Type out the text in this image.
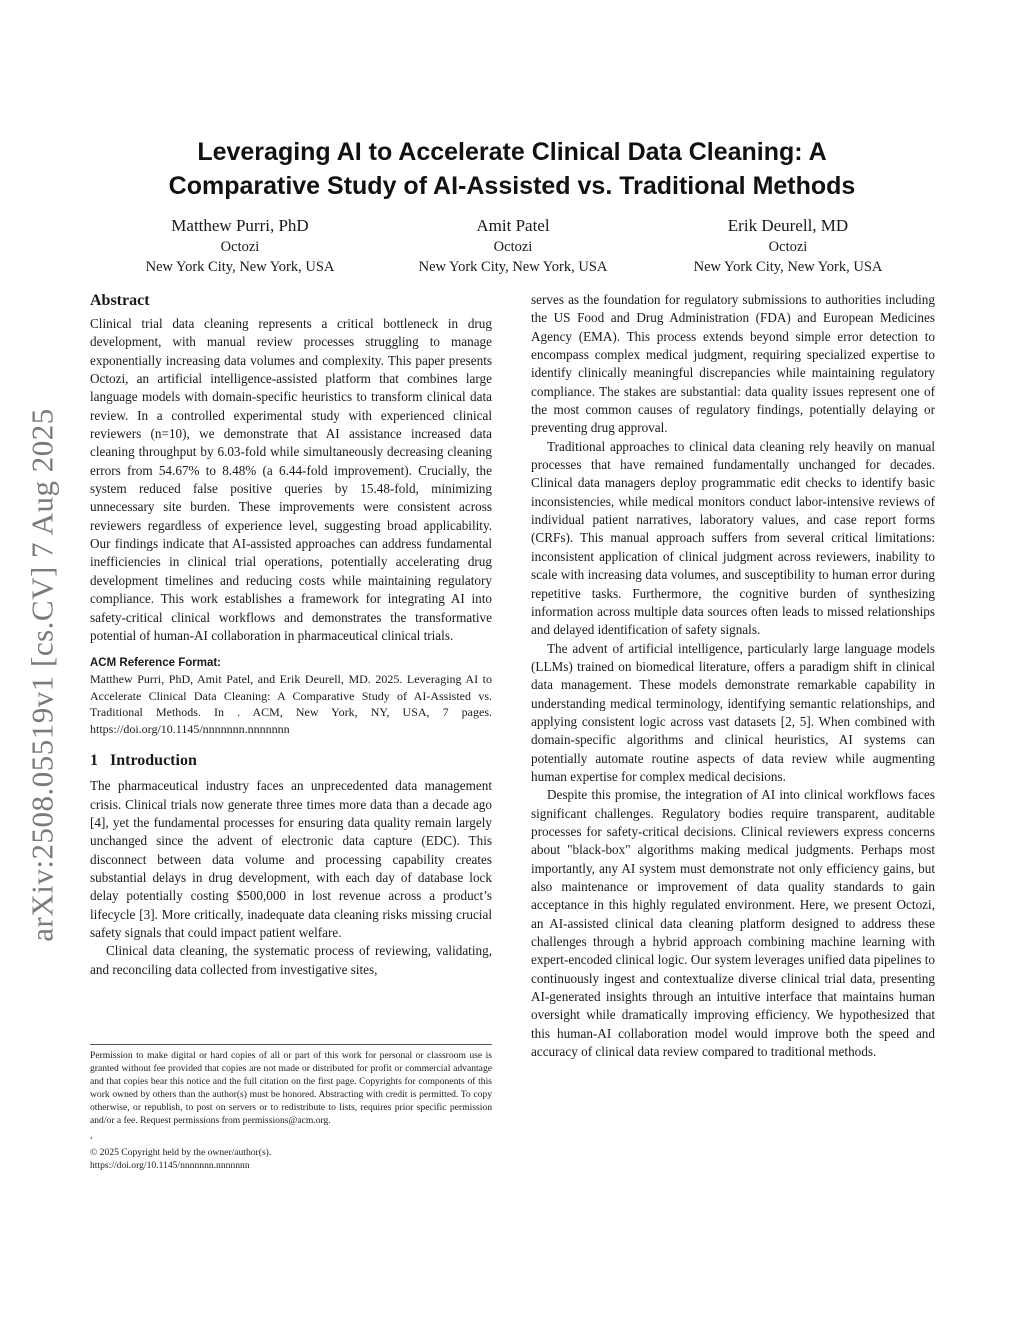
arXiv:2508.05519v1 [cs.CV] 7 Aug 2025
Leveraging AI to Accelerate Clinical Data Cleaning: A
Comparative Study of AI-Assisted vs. Traditional Methods
Matthew Purri, PhD
Octozi
New York City, New York, USA
Amit Patel
Octozi
New York City, New York, USA
Erik Deurell, MD
Octozi
New York City, New York, USA
Abstract

Clinical trial data cleaning represents a critical bottleneck in drug development, with manual review processes struggling to manage exponentially increasing data volumes and complexity. This paper presents Octozi, an artificial intelligence-assisted platform that combines large language models with domain-specific heuristics to transform clinical data review. In a controlled experimental study with experienced clinical reviewers (n=10), we demonstrate that AI assistance increased data cleaning throughput by 6.03-fold while simultaneously decreasing cleaning errors from 54.67% to 8.48% (a 6.44-fold improvement). Crucially, the system reduced false positive queries by 15.48-fold, minimizing unnecessary site burden. These improvements were consistent across reviewers regardless of experience level, suggesting broad applicability. Our findings indicate that AI-assisted approaches can address fundamental inefficiencies in clinical trial operations, potentially accelerating drug development timelines and reducing costs while maintaining regulatory compliance. This work establishes a framework for integrating AI into safety-critical clinical workflows and demonstrates the transformative potential of human-AI collaboration in pharmaceutical clinical trials.

ACM Reference Format:
Matthew Purri, PhD, Amit Patel, and Erik Deurell, MD. 2025. Leveraging AI to Accelerate Clinical Data Cleaning: A Comparative Study of AI-Assisted vs. Traditional Methods. In . ACM, New York, NY, USA, 7 pages. https://doi.org/10.1145/nnnnnnn.nnnnnnn
1 Introduction

The pharmaceutical industry faces an unprecedented data management crisis. Clinical trials now generate three times more data than a decade ago [4], yet the fundamental processes for ensuring data quality remain largely unchanged since the advent of electronic data capture (EDC). This disconnect between data volume and processing capability creates substantial delays in drug development, with each day of database lock delay potentially costing $500,000 in lost revenue across a product’s lifecycle [3]. More critically, inadequate data cleaning risks missing crucial safety signals that could impact patient welfare.

Clinical data cleaning, the systematic process of reviewing, validating, and reconciling data collected from investigative sites,

Permission to make digital or hard copies of all or part of this work for personal or classroom use is granted without fee provided that copies are not made or distributed for profit or commercial advantage and that copies bear this notice and the full citation on the first page. Copyrights for components of this work owned by others than the author(s) must be honored. Abstracting with credit is permitted. To copy otherwise, or republish, to post on servers or to redistribute to lists, requires prior specific permission and/or a fee. Request permissions from permissions@acm.org.
,
© 2025 Copyright held by the owner/author(s).
https://doi.org/10.1145/nnnnnnn.nnnnnnn

serves as the foundation for regulatory submissions to authorities including the US Food and Drug Administration (FDA) and European Medicines Agency (EMA). This process extends beyond simple error detection to encompass complex medical judgment, requiring specialized expertise to identify clinically meaningful discrepancies while maintaining regulatory compliance. The stakes are substantial: data quality issues represent one of the most common causes of regulatory findings, potentially delaying or preventing drug approval.

Traditional approaches to clinical data cleaning rely heavily on manual processes that have remained fundamentally unchanged for decades. Clinical data managers deploy programmatic edit checks to identify basic inconsistencies, while medical monitors conduct labor-intensive reviews of individual patient narratives, laboratory values, and case report forms (CRFs). This manual approach suffers from several critical limitations: inconsistent application of clinical judgment across reviewers, inability to scale with increasing data volumes, and susceptibility to human error during repetitive tasks. Furthermore, the cognitive burden of synthesizing information across multiple data sources often leads to missed relationships and delayed identification of safety signals.

The advent of artificial intelligence, particularly large language models (LLMs) trained on biomedical literature, offers a paradigm shift in clinical data management. These models demonstrate remarkable capability in understanding medical terminology, identifying semantic relationships, and applying consistent logic across vast datasets [2, 5]. When combined with domain-specific algorithms and clinical heuristics, AI systems can potentially automate routine aspects of data review while augmenting human expertise for complex medical decisions.

Despite this promise, the integration of AI into clinical workflows faces significant challenges. Regulatory bodies require transparent, auditable processes for safety-critical decisions. Clinical reviewers express concerns about "black-box" algorithms making medical judgments. Perhaps most importantly, any AI system must demonstrate not only efficiency gains, but also maintenance or improvement of data quality standards to gain acceptance in this highly regulated environment. Here, we present Octozi, an AI-assisted clinical data cleaning platform designed to address these challenges through a hybrid approach combining machine learning with expert-encoded clinical logic. Our system leverages unified data pipelines to continuously ingest and contextualize diverse clinical trial data, presenting AI-generated insights through an intuitive interface that maintains human oversight while dramatically improving efficiency. We hypothesized that this human-AI collaboration model would improve both the speed and accuracy of clinical data review compared to traditional methods.
